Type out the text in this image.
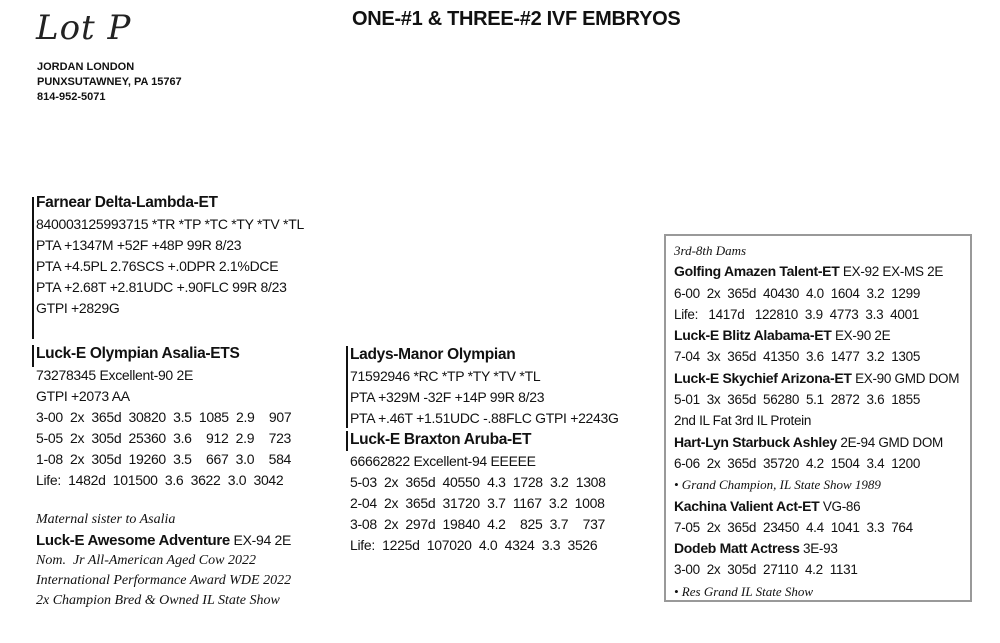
Lot P	ONE-#1 & THREE-#2 IVF EMBRYOS
JORDAN LONDON
PUNXSUTAWNEY, PA 15767
814-952-5071
Farnear Delta-Lambda-ET
840003125993715 *TR *TP *TC *TY *TV *TL
PTA +1347M +52F +48P 99R 8/23
PTA +4.5PL 2.76SCS +.0DPR 2.1%DCE
PTA +2.68T +2.81UDC +.90FLC 99R 8/23
GTPI +2829G
Luck-E Olympian Asalia-ETS
73278345 Excellent-90 2E
GTPI +2073 AA
3-00  2x  365d  30820  3.5  1085  2.9    907
5-05  2x  305d  25360  3.6    912  2.9    723
1-08  2x  305d  19260  3.5    667  3.0    584
Life:  1482d  101500  3.6  3622  3.0  3042
Maternal sister to Asalia
Luck-E Awesome Adventure EX-94 2E
Nom.  Jr All-American Aged Cow 2022
International Performance Award WDE 2022
2x Champion Bred & Owned IL State Show
Ladys-Manor Olympian
71592946 *RC *TP *TY *TV *TL
PTA +329M -32F +14P 99R 8/23
PTA +.46T +1.51UDC -.88FLC GTPI +2243G
Luck-E Braxton Aruba-ET
66662822 Excellent-94 EEEEE
5-03  2x  365d  40550  4.3  1728  3.2  1308
2-04  2x  365d  31720  3.7  1167  3.2  1008
3-08  2x  297d  19840  4.2    825  3.7    737
Life:  1225d  107020  4.0  4324  3.3  3526
3rd-8th Dams
Golfing Amazen Talent-ET EX-92 EX-MS 2E
6-00  2x  365d  40430  4.0  1604  3.2  1299
Life:   1417d   122810  3.9  4773  3.3  4001
Luck-E Blitz Alabama-ET EX-90 2E
7-04  3x  365d  41350  3.6  1477  3.2  1305
Luck-E Skychief Arizona-ET EX-90 GMD DOM
5-01  3x  365d  56280  5.1  2872  3.6  1855
2nd IL Fat 3rd IL Protein
Hart-Lyn Starbuck Ashley 2E-94 GMD DOM
6-06  2x  365d  35720  4.2  1504  3.4  1200
• Grand Champion, IL State Show 1989
Kachina Valient Act-ET VG-86
7-05  2x  365d  23450  4.4  1041  3.3  764
Dodeb Matt Actress 3E-93
3-00  2x  305d  27110  4.2  1131
• Res Grand IL State Show
